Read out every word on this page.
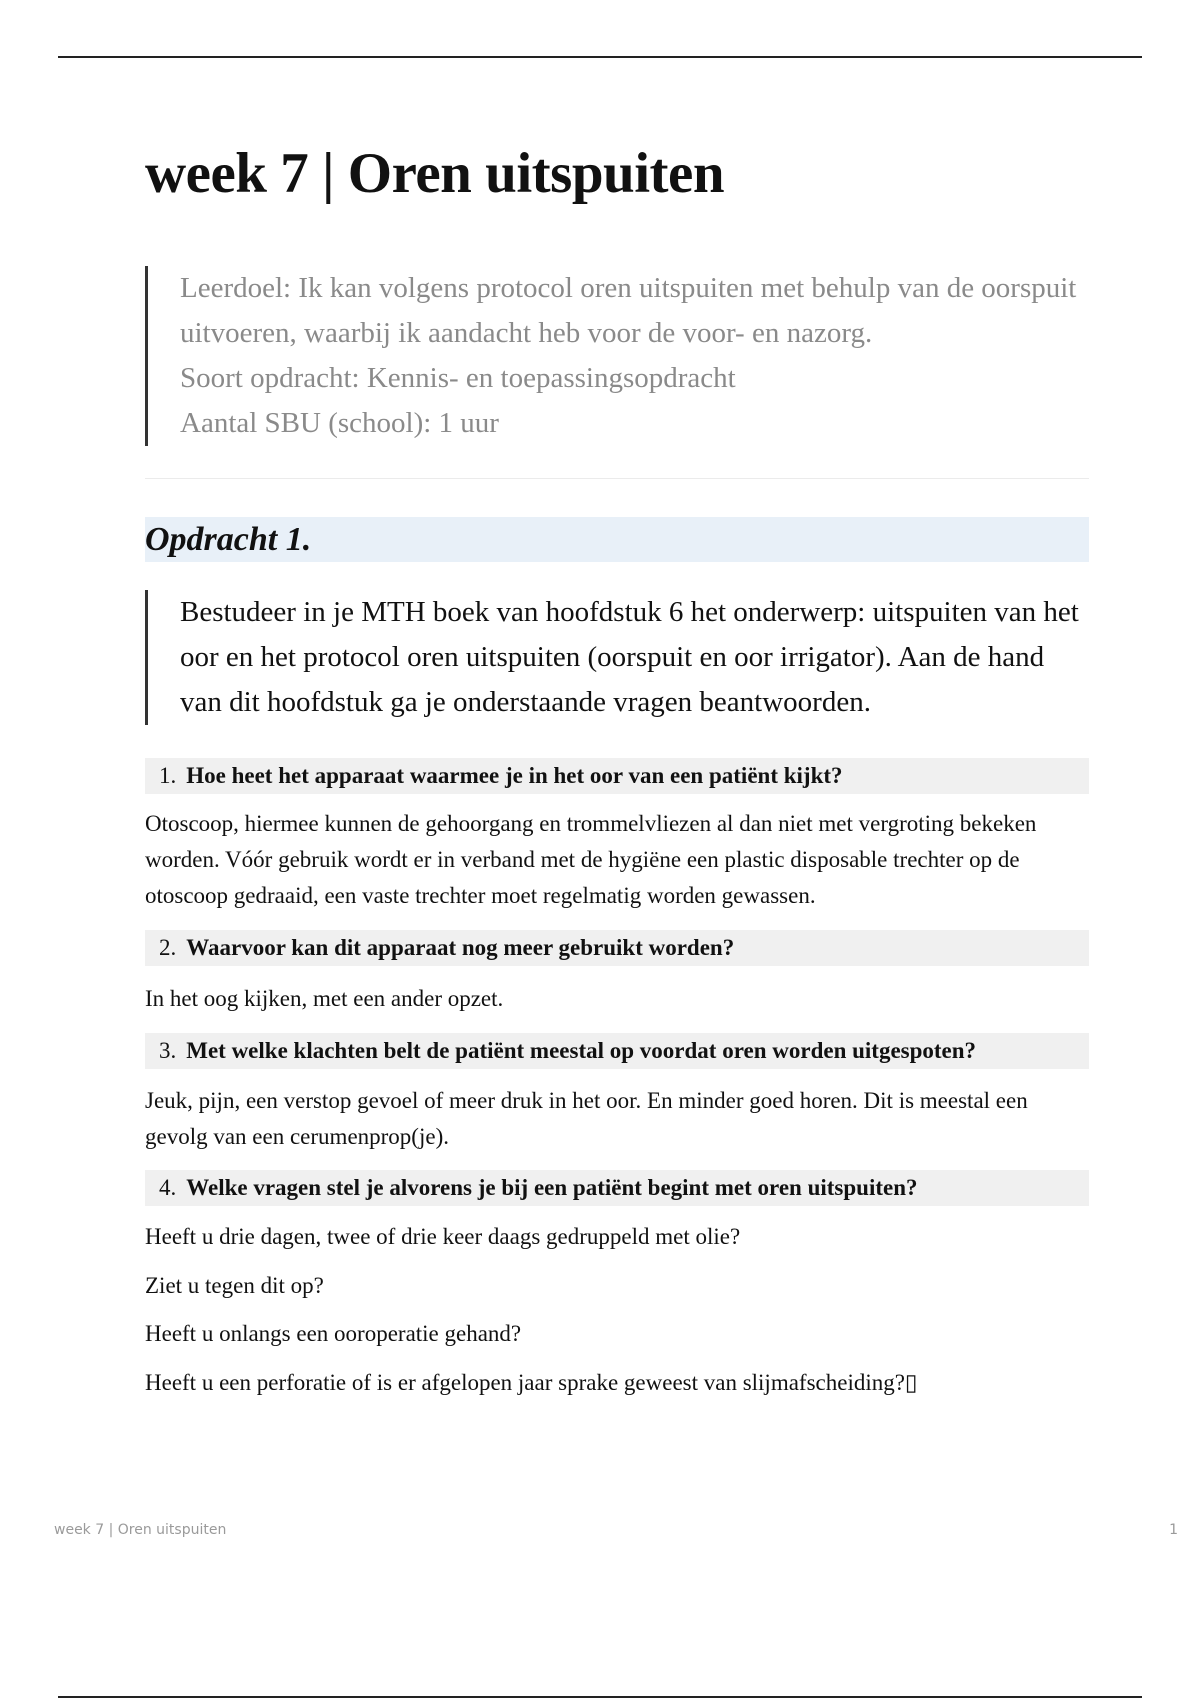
week 7 | Oren uitspuiten

Leerdoel: Ik kan volgens protocol oren uitspuiten met behulp van de oorspuit uitvoeren, waarbij ik aandacht heb voor de voor- en nazorg.

Soort opdracht: Kennis- en toepassingsopdracht

Aantal SBU (school): 1 uur

Opdracht 1.
Bestudeer in je MTH boek van hoofdstuk 6 het onderwerp: uitspuiten van het oor en het protocol oren uitspuiten (oorspuit en oor irrigator). Aan de hand van dit hoofdstuk ga je onderstaande vragen beantwoorden.
1. Hoe heet het apparaat waarmee je in het oor van een patiënt kijkt?

Otoscoop, hiermee kunnen de gehoorgang en trommelvliezen al dan niet met vergroting bekeken worden. Vóór gebruik wordt er in verband met de hygiëne een plastic disposable trechter op de otoscoop gedraaid, een vaste trechter moet regelmatig worden gewassen.

2. Waarvoor kan dit apparaat nog meer gebruikt worden?

In het oog kijken, met een ander opzet.

3. Met welke klachten belt de patiënt meestal op voordat oren worden uitgespoten?

Jeuk, pijn, een verstop gevoel of meer druk in het oor. En minder goed horen. Dit is meestal een gevolg van een cerumenprop(je).

4. Welke vragen stel je alvorens je bij een patiënt begint met oren uitspuiten?

Heeft u drie dagen, twee of drie keer daags gedruppeld met olie?

Ziet u tegen dit op?

Heeft u onlangs een ooroperatie gehand?

Heeft u een perforatie of is er afgelopen jaar sprake geweest van slijmafscheiding?▯

week 7 | Oren uitspuiten	1
